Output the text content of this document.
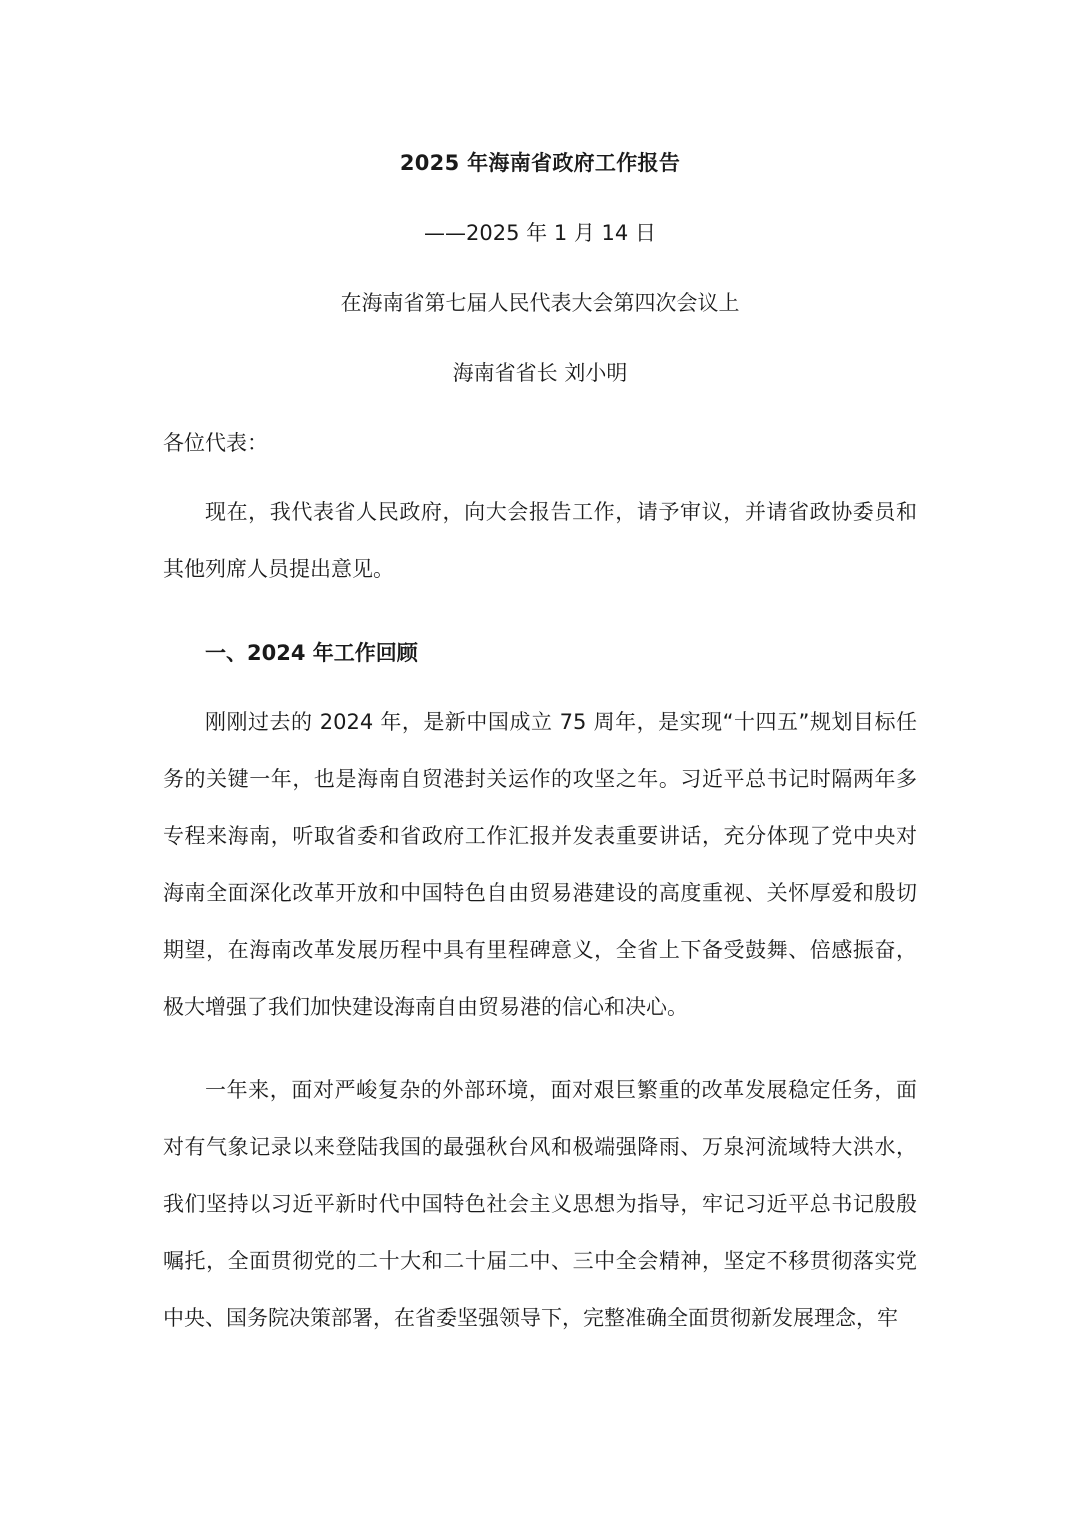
2025 年海南省政府工作报告

——2025 年 1 月 14 日

在海南省第七届人民代表大会第四次会议上

海南省省长 刘小明

各位代表：

现在，我代表省人民政府，向大会报告工作，请予审议，并请省政协委员和其他列席人员提出意见。

一、2024 年工作回顾

刚刚过去的 2024 年，是新中国成立 75 周年，是实现“十四五”规划目标任务的关键一年，也是海南自贸港封关运作的攻坚之年。习近平总书记时隔两年多专程来海南，听取省委和省政府工作汇报并发表重要讲话，充分体现了党中央对海南全面深化改革开放和中国特色自由贸易港建设的高度重视、关怀厚爱和殷切期望，在海南改革发展历程中具有里程碑意义，全省上下备受鼓舞、倍感振奋，极大增强了我们加快建设海南自由贸易港的信心和决心。

一年来，面对严峻复杂的外部环境，面对艰巨繁重的改革发展稳定任务，面对有气象记录以来登陆我国的最强秋台风和极端强降雨、万泉河流域特大洪水，我们坚持以习近平新时代中国特色社会主义思想为指导，牢记习近平总书记殷殷嘱托，全面贯彻党的二十大和二十届二中、三中全会精神，坚定不移贯彻落实党中央、国务院决策部署，在省委坚强领导下，完整准确全面贯彻新发展理念，牢
